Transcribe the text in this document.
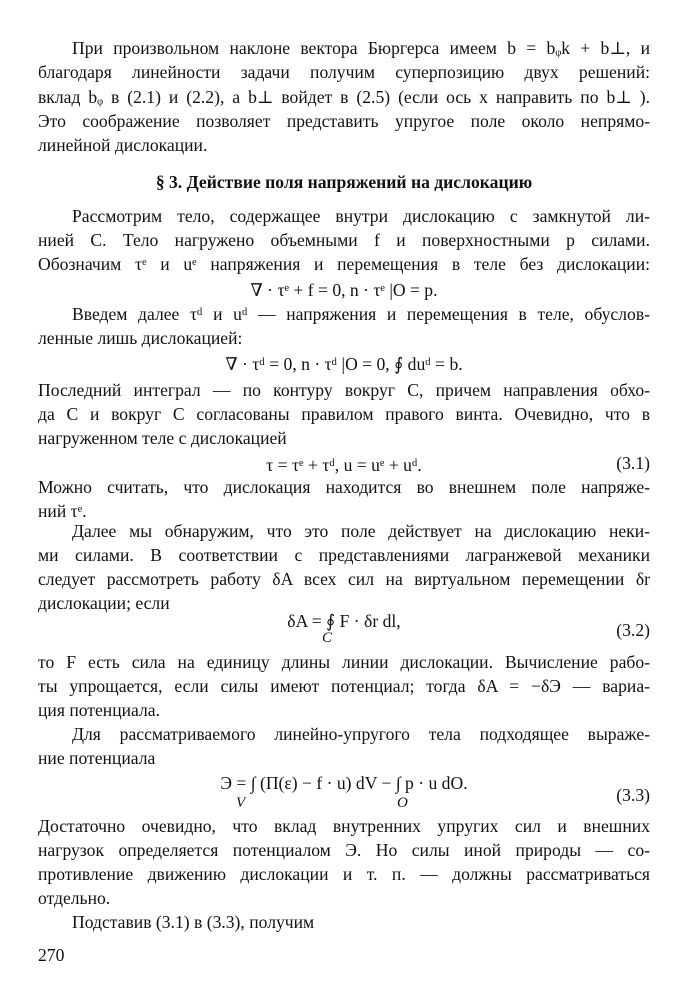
При произвольном наклоне вектора Бюргерса имеем b = bᵩk + b⊥, и
благодаря линейности задачи получим суперпозицию двух решений:
вклад bᵩ в (2.1) и (2.2), а b⊥ войдет в (2.5) (если ось x направить по b⊥ ).
Это соображение позволяет представить упругое поле около непрямо-
линейной дислокации.
§ 3. Действие поля напряжений на дислокацию
Рассмотрим тело, содержащее внутри дислокацию с замкнутой ли-
нией C. Тело нагружено объемными f и поверхностными p силами.
Обозначим τᵉ и uᵉ напряжения и перемещения в теле без дислокации:
∇ · τᵉ + f = 0, n · τᵉ |O = p.
Введем далее τᵈ и uᵈ — напряжения и перемещения в теле, обуслов-
ленные лишь дислокацией:
∇ · τᵈ = 0, n · τᵈ |O = 0, ∮ duᵈ = b.
Последний интеграл — по контуру вокруг C, причем направления обхо-
да C и вокруг C согласованы правилом правого винта. Очевидно, что в
нагруженном теле с дислокацией
τ = τᵉ + τᵈ, u = uᵉ + uᵈ.	(3.1)
Можно считать, что дислокация находится во внешнем поле напряже-
ний τᵉ.
Далее мы обнаружим, что это поле действует на дислокацию неки-
ми силами. В соответствии с представлениями лагранжевой механики
следует рассмотреть работу δA всех сил на виртуальном перемещении δr
дислокации; если
δA = ∮ F · δr dl,
C	(3.2)
то F есть сила на единицу длины линии дислокации. Вычисление рабо-
ты упрощается, если силы имеют потенциал; тогда δA = −δЭ — вариа-
ция потенциала.
Для рассматриваемого линейно-упругого тела подходящее выраже-
ние потенциала
Э = ∫ (Π(ε) − f · u) dV − ∫ p · u dO.
V	O	(3.3)
Достаточно очевидно, что вклад внутренних упругих сил и внешних
нагрузок определяется потенциалом Э. Но силы иной природы — со-
противление движению дислокации и т. п. — должны рассматриваться
отдельно.
Подставив (3.1) в (3.3), получим
270
